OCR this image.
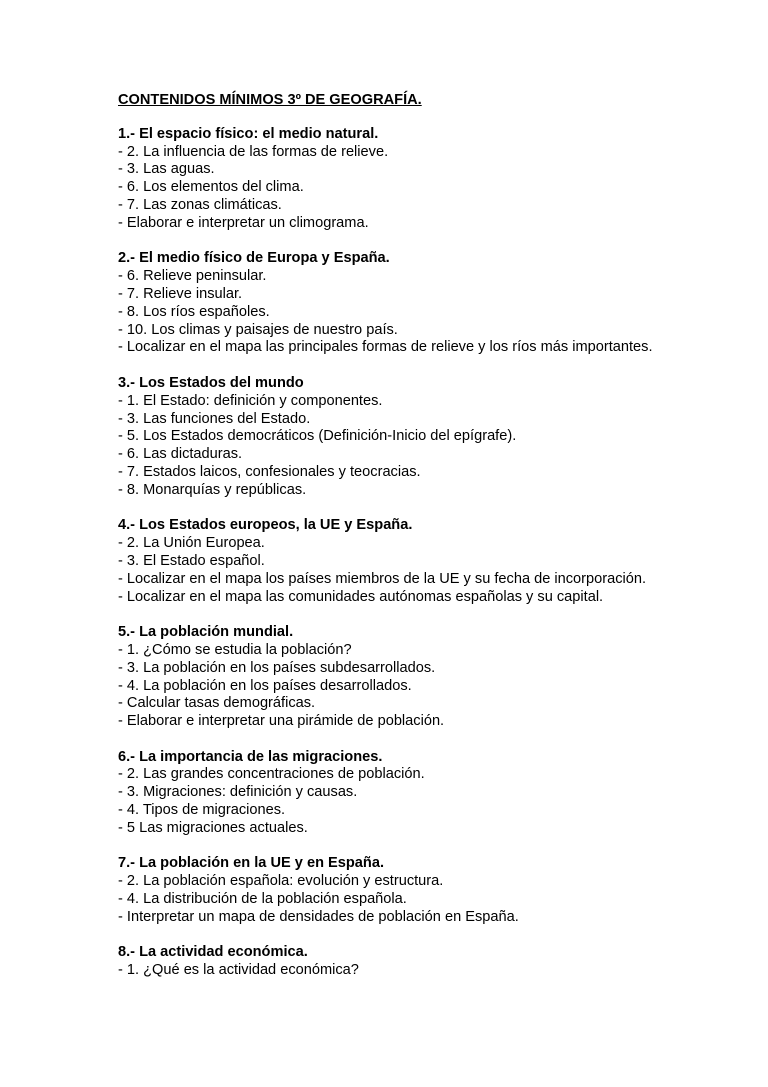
CONTENIDOS MÍNIMOS 3º DE GEOGRAFÍA.
1.- El espacio físico: el medio natural.
- 2. La influencia de las formas de relieve.
- 3. Las aguas.
- 6. Los elementos del clima.
- 7. Las zonas climáticas.
- Elaborar e interpretar un climograma.
2.- El medio físico de Europa y España.
- 6. Relieve peninsular.
- 7. Relieve insular.
- 8. Los ríos españoles.
- 10. Los climas y paisajes de nuestro país.
- Localizar en el mapa las principales formas de relieve y los ríos más importantes.
3.- Los Estados del mundo
- 1. El Estado: definición y componentes.
- 3. Las funciones del Estado.
- 5. Los Estados democráticos (Definición-Inicio del epígrafe).
- 6. Las dictaduras.
- 7. Estados laicos, confesionales y teocracias.
- 8. Monarquías y repúblicas.
4.- Los Estados europeos, la UE y España.
- 2. La Unión Europea.
- 3. El Estado español.
- Localizar en el mapa los países miembros de la UE y su fecha de incorporación.
- Localizar en el mapa las comunidades autónomas españolas y su capital.
5.- La población mundial.
- 1. ¿Cómo se estudia la población?
- 3. La población en los países subdesarrollados.
- 4. La población en los países desarrollados.
- Calcular tasas demográficas.
- Elaborar e interpretar una pirámide de población.
6.- La importancia de las migraciones.
- 2. Las grandes concentraciones de población.
- 3. Migraciones: definición y causas.
- 4. Tipos de migraciones.
- 5 Las migraciones actuales.
7.- La población en la UE y en España.
- 2. La población española: evolución y estructura.
- 4. La distribución de la población española.
- Interpretar un mapa de densidades de población en España.
8.- La actividad económica.
- 1. ¿Qué es la actividad económica?
